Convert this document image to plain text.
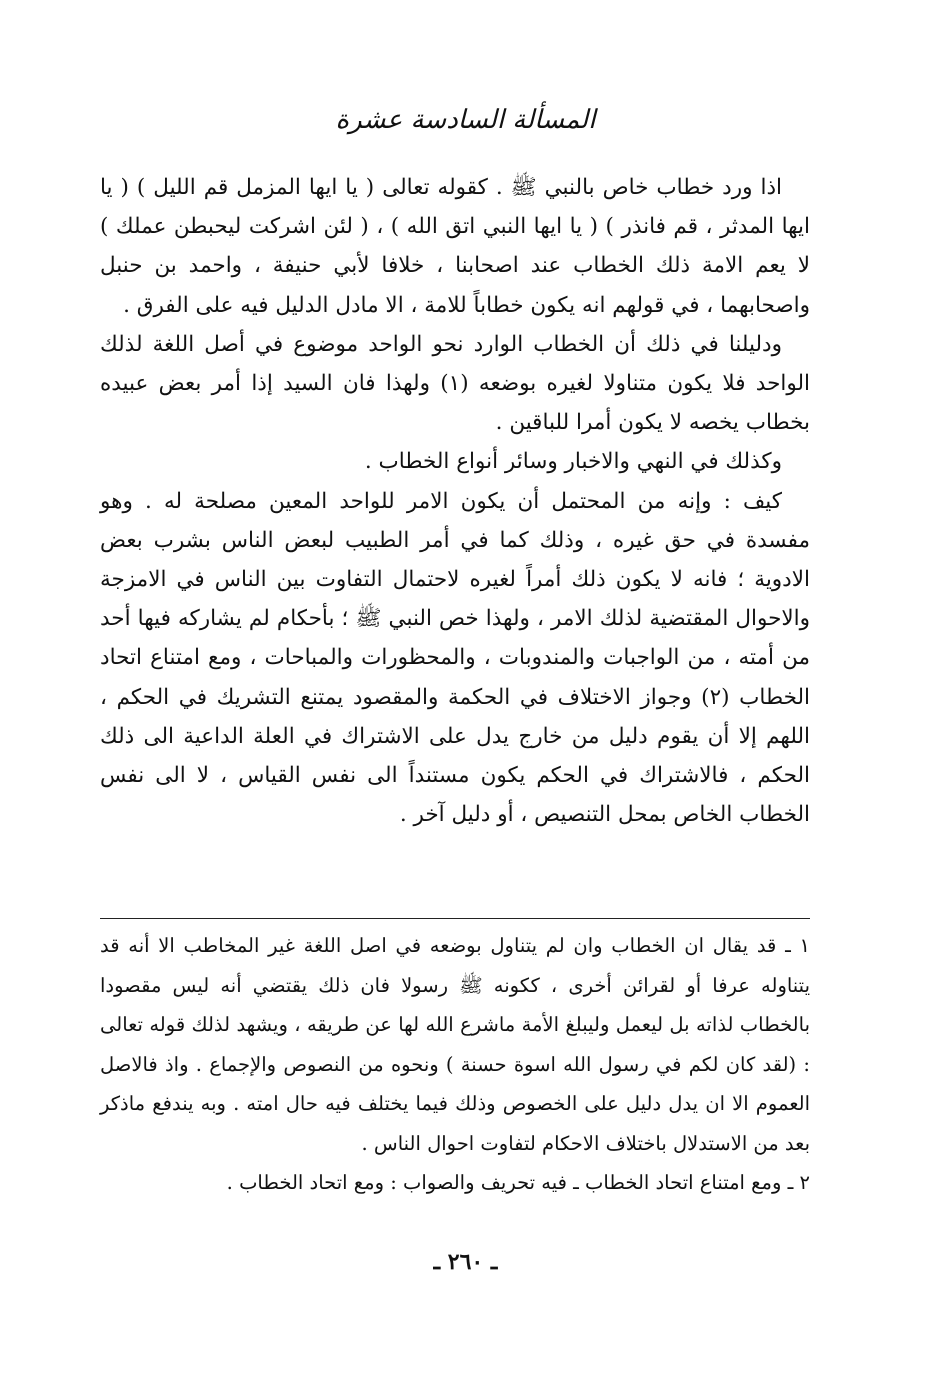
المسألة السادسة عشرة

اذا ورد خطاب خاص بالنبي ﷺ . كقوله تعالى ( يا ايها المزمل قم الليل ) ( يا ايها المدثر ، قم فانذر ) ( يا ايها النبي اتق الله ) ، ( لئن اشركت ليحبطن عملك ) لا يعم الامة ذلك الخطاب عند اصحابنا ، خلافا لأبي حنيفة ، واحمد بن حنبل واصحابهما ، في قولهم انه يكون خطاباً للامة ، الا مادل الدليل فيه على الفرق .

ودليلنا في ذلك أن الخطاب الوارد نحو الواحد موضوع في أصل اللغة لذلك الواحد فلا يكون متناولا لغيره بوضعه (١) ولهذا فان السيد إذا أمر بعض عبيده بخطاب يخصه لا يكون أمرا للباقين .

وكذلك في النهي والاخبار وسائر أنواع الخطاب .

كيف : وإنه من المحتمل أن يكون الامر للواحد المعين مصلحة له . وهو مفسدة في حق غيره ، وذلك كما في أمر الطبيب لبعض الناس بشرب بعض الادوية ؛ فانه لا يكون ذلك أمراً لغيره لاحتمال التفاوت بين الناس في الامزجة والاحوال المقتضية لذلك الامر ، ولهذا خص النبي ﷺ ؛ بأحكام لم يشاركه فيها أحد من أمته ، من الواجبات والمندوبات ، والمحظورات والمباحات ، ومع امتناع اتحاد الخطاب (٢) وجواز الاختلاف في الحكمة والمقصود يمتنع التشريك في الحكم ، اللهم إلا أن يقوم دليل من خارج يدل على الاشتراك في العلة الداعية الى ذلك الحكم ، فالاشتراك في الحكم يكون مستنداً الى نفس القياس ، لا الى نفس الخطاب الخاص بمحل التنصيص ، أو دليل آخر .

١ ـ قد يقال ان الخطاب وان لم يتناول بوضعه في اصل اللغة غير المخاطب الا أنه قد يتناوله عرفا أو لقرائن أخرى ، ككونه ﷺ رسولا فان ذلك يقتضي أنه ليس مقصودا بالخطاب لذاته بل ليعمل وليبلغ الأمة ماشرع الله لها عن طريقه ، ويشهد لذلك قوله تعالى : (لقد كان لكم في رسول الله اسوة حسنة ) ونحوه من النصوص والإجماع . واذ فالاصل العموم الا ان يدل دليل على الخصوص وذلك فيما يختلف فيه حال امته . وبه يندفع ماذكر بعد من الاستدلال باختلاف الاحكام لتفاوت احوال الناس .

٢ ـ ومع امتناع اتحاد الخطاب ـ فيه تحريف والصواب : ومع اتحاد الخطاب .

ـ ٢٦٠ ـ
